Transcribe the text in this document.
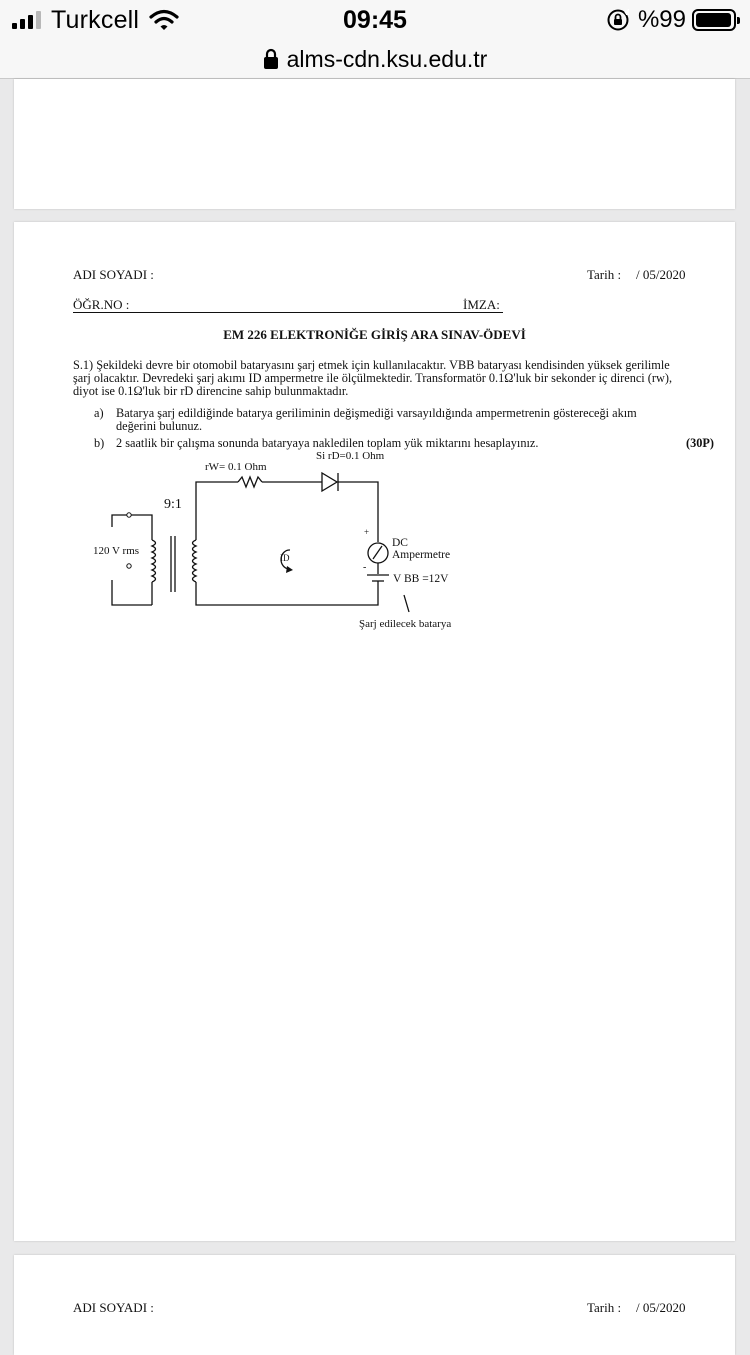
Turkcell	09:45	%99
alms-cdn.ksu.edu.tr
ADI SOYADI :	Tarih : / 05/2020
ÖĞR.NO :	İMZA:
EM 226 ELEKTRONİĞE GİRİŞ ARA SINAV-ÖDEVİ
S.1) Şekildeki devre bir otomobil bataryasını şarj etmek için kullanılacaktır. VBB bataryası kendisinden yüksek gerilimle
şarj olacaktır. Devredeki şarj akımı ID ampermetre ile ölçülmektedir. Transformatör 0.1Ω'luk bir sekonder iç direnci (rw),
diyot ise 0.1Ω'luk bir rD direncine sahip bulunmaktadır.
a) Batarya şarj edildiğinde batarya geriliminin değişmediği varsayıldığında ampermetrenin göstereceği akım
değerini bulunuz.
b) 2 saatlik bir çalışma sonunda bataryaya nakledilen toplam yük miktarını hesaplayınız.	(30P)
9:1
120 V rms
rW= 0.1 Ohm
Si rD=0.1 Ohm
ID
DC
Ampermetre
+
-
V BB =12V
Şarj edilecek batarya
ADI SOYADI :	Tarih : / 05/2020
